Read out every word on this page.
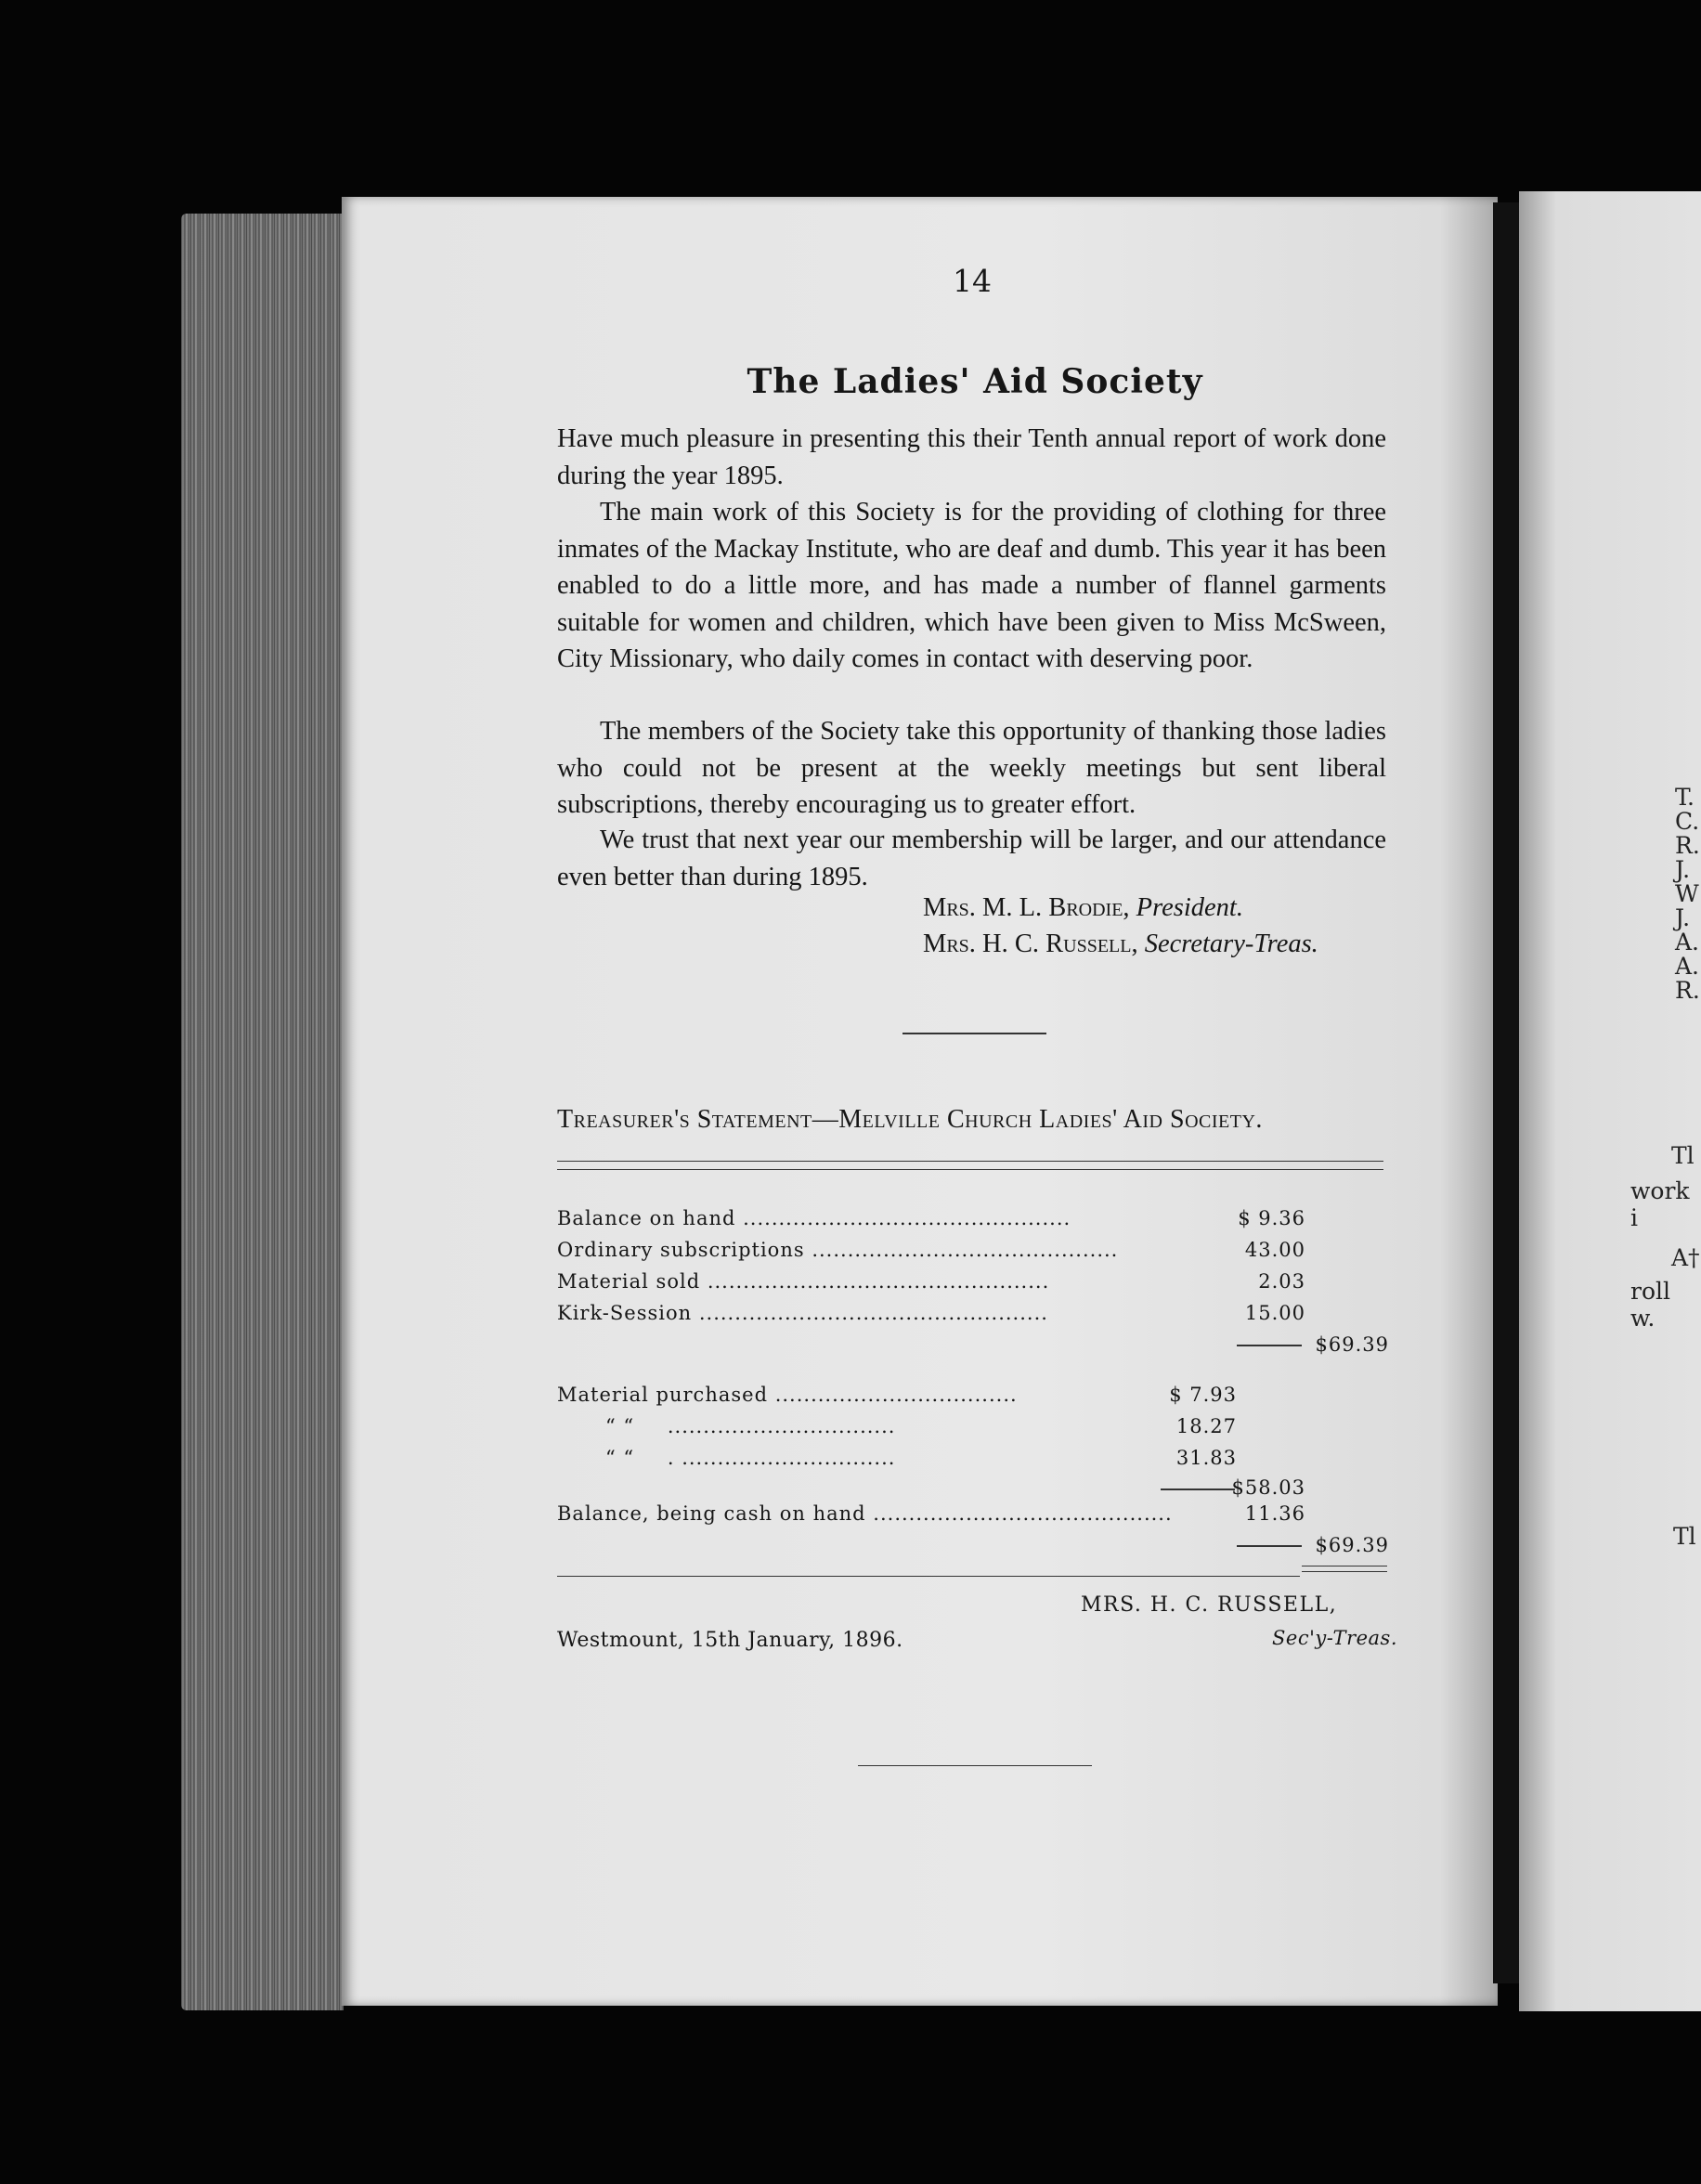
T.
C.
R.
J.
W
J.
A.
A.
R.
Tl
work i
A†
roll w.
Tl
14
The Ladies' Aid Society
Have much pleasure in presenting this their Tenth annual report of work done during the year 1895.
The main work of this Society is for the providing of clothing for three inmates of the Mackay Institute, who are deaf and dumb. This year it has been enabled to do a little more, and has made a number of flannel garments suitable for women and children, which have been given to Miss McSween, City Missionary, who daily comes in contact with deserving poor.
The members of the Society take this opportunity of thanking those ladies who could not be present at the weekly meetings but sent liberal subscriptions, thereby encouraging us to greater effort.
We trust that next year our membership will be larger, and our attendance even better than during 1895.
Mrs. M. L. Brodie, President.
Mrs. H. C. Russell, Secretary-Treas.
Treasurer's Statement—Melville Church Ladies' Aid Society.
Balance on hand ..............................................	$ 9.36
Ordinary subscriptions ...........................................	43.00
Material sold ................................................	2.03
Kirk-Session .................................................	15.00
$69.39
Material purchased ..................................	$ 7.93
“ “ ................................	18.27
“ “ . ..............................	31.83
$58.03
Balance, being cash on hand ..........................................	11.36
$69.39
MRS. H. C. RUSSELL,
Sec'y-Treas.
Westmount, 15th January, 1896.
